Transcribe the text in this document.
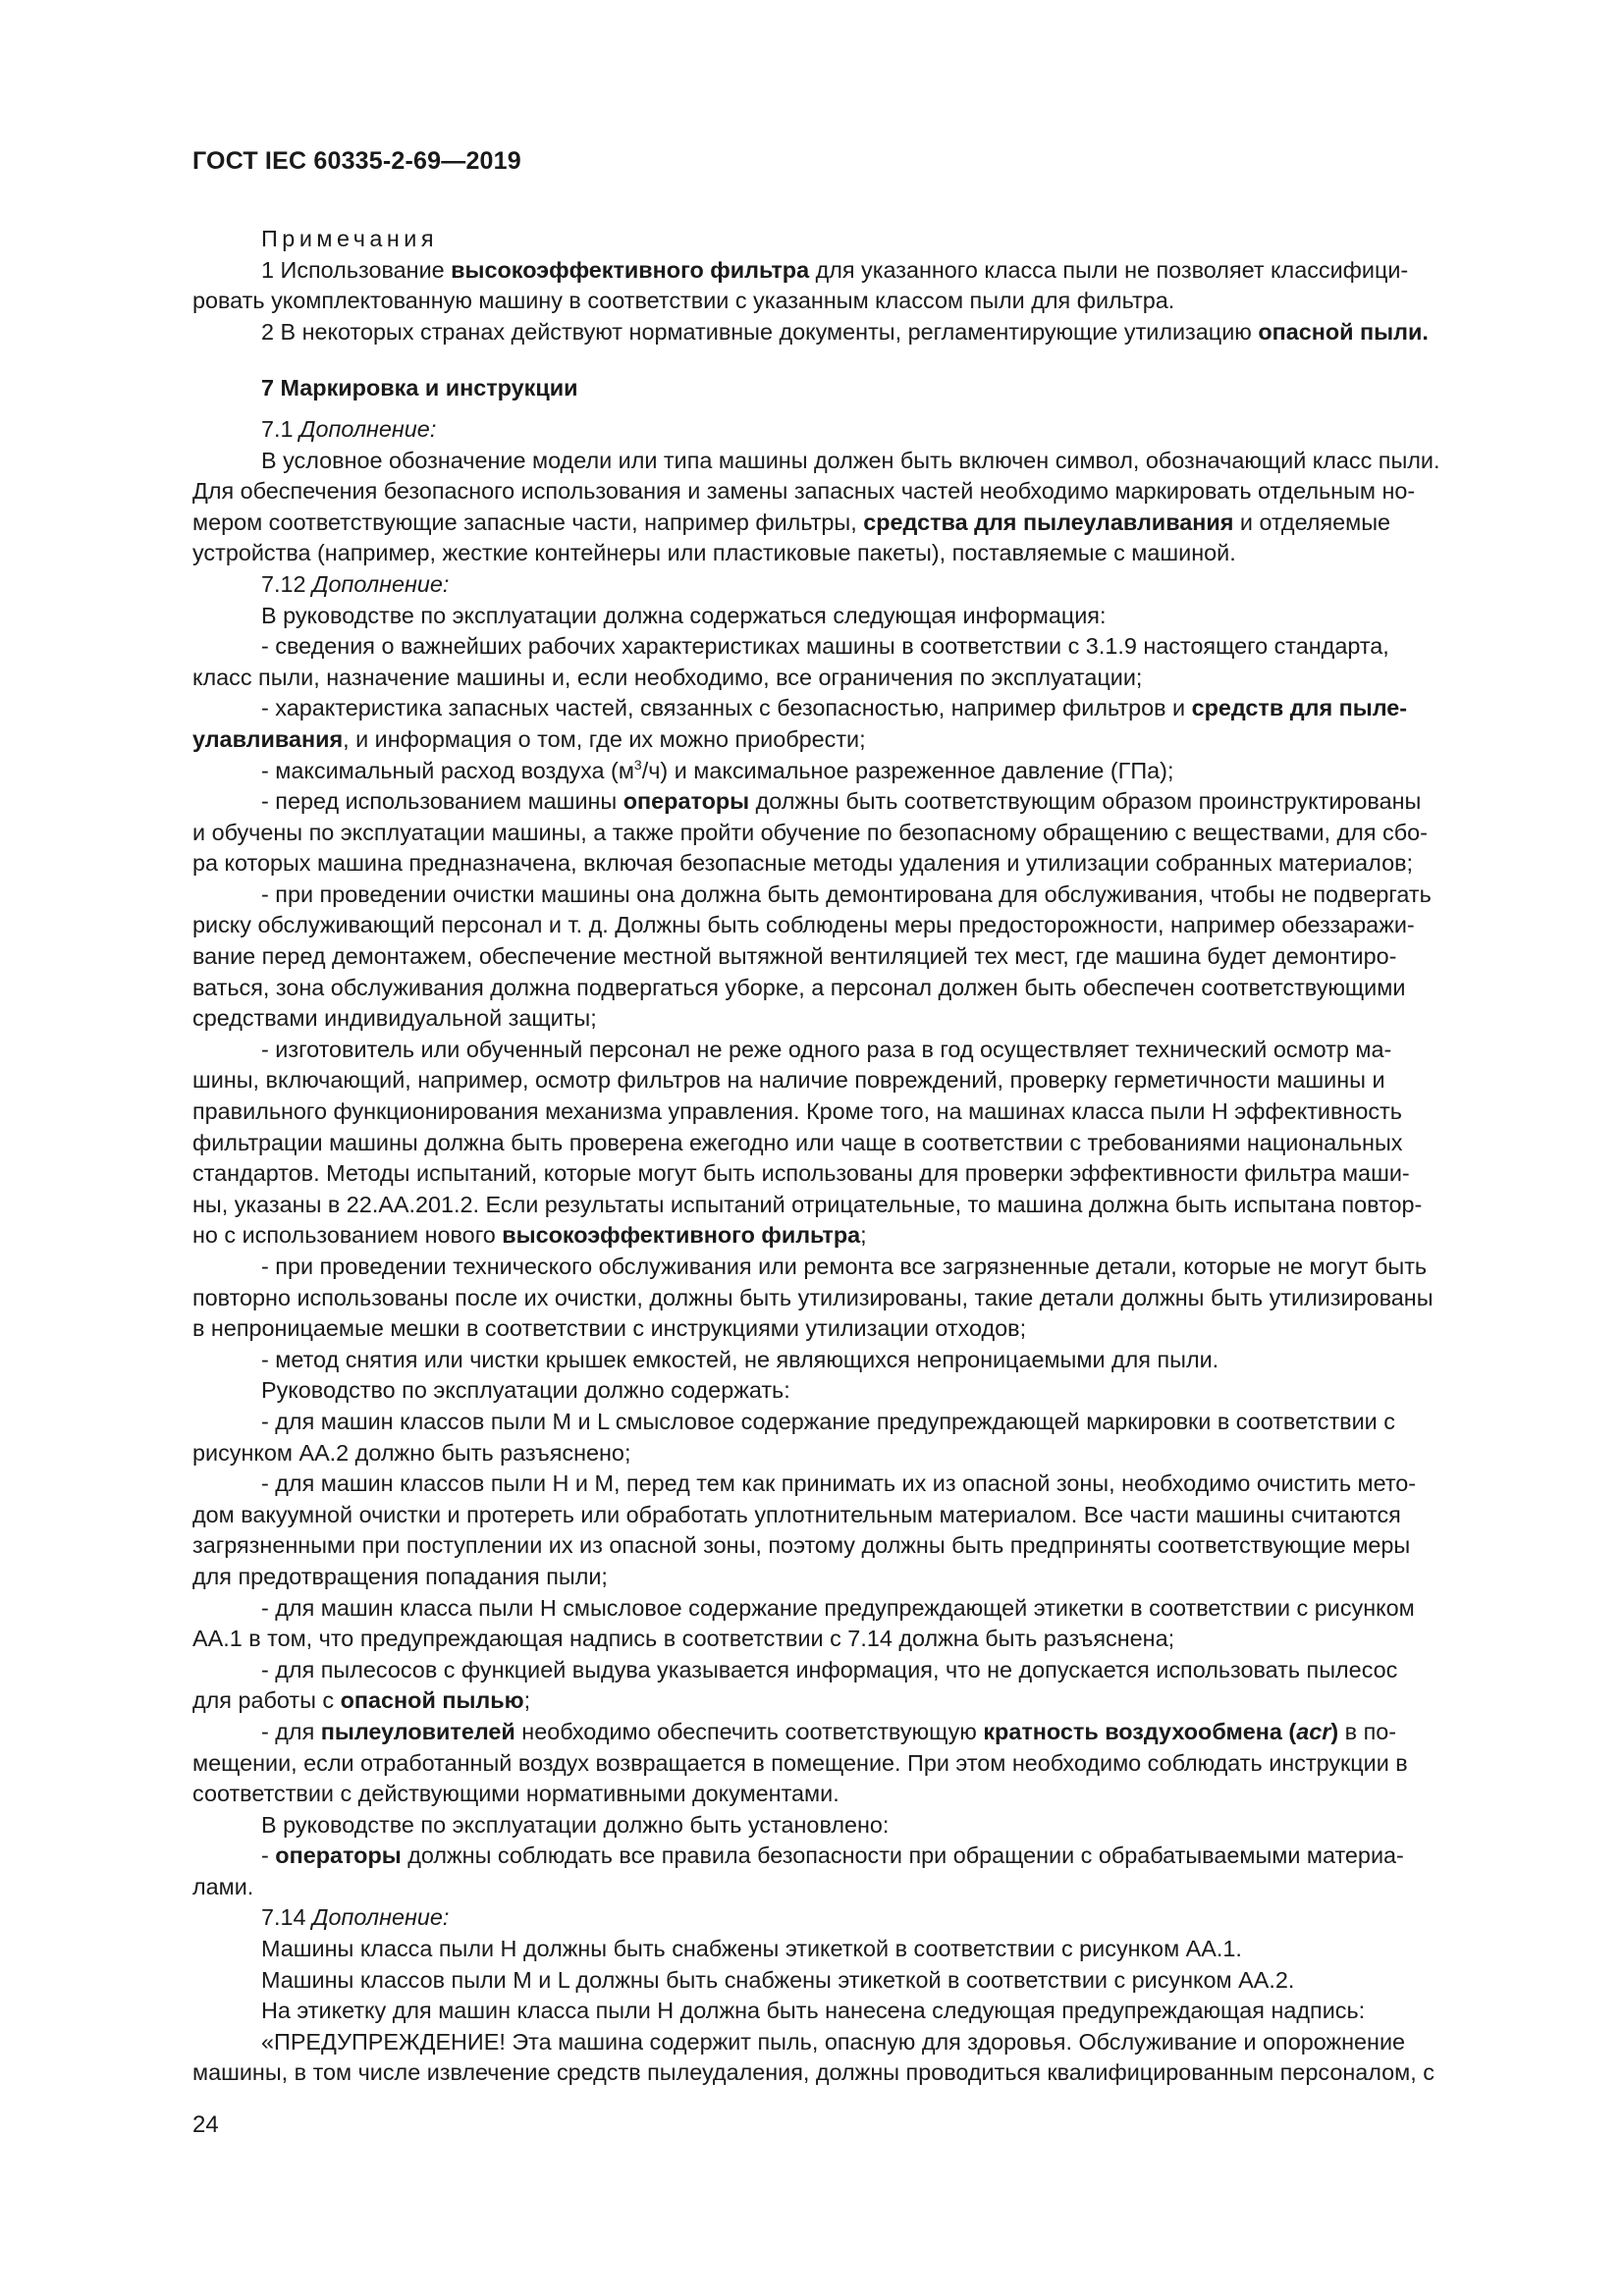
ГОСТ IEC 60335-2-69—2019

Примечания

1 Использование высокоэффективного фильтра для указанного класса пыли не позволяет классифици-
ровать укомплектованную машину в соответствии с указанным классом пыли для фильтра.

2 В некоторых странах действуют нормативные документы, регламентирующие утилизацию опасной пыли.

7 Маркировка и инструкции

7.1 Дополнение:

В условное обозначение модели или типа машины должен быть включен символ, обозначающий класс пыли.
Для обеспечения безопасного использования и замены запасных частей необходимо маркировать отдельным но-
мером соответствующие запасные части, например фильтры, средства для пылеулавливания и отделяемые
устройства (например, жесткие контейнеры или пластиковые пакеты), поставляемые с машиной.

7.12 Дополнение:

В руководстве по эксплуатации должна содержаться следующая информация:

- сведения о важнейших рабочих характеристиках машины в соответствии с 3.1.9 настоящего стандарта,
класс пыли, назначение машины и, если необходимо, все ограничения по эксплуатации;

- характеристика запасных частей, связанных с безопасностью, например фильтров и средств для пыле-
улавливания, и информация о том, где их можно приобрести;

- максимальный расход воздуха $(м^3/ч)$ и максимальное разреженное давление (ГПа);

- перед использованием машины операторы должны быть соответствующим образом проинструктированы
и обучены по эксплуатации машины, а также пройти обучение по безопасному обращению с веществами, для сбо-
ра которых машина предназначена, включая безопасные методы удаления и утилизации собранных материалов;

- при проведении очистки машины она должна быть демонтирована для обслуживания, чтобы не подвергать
риску обслуживающий персонал и т. д. Должны быть соблюдены меры предосторожности, например обеззаражи-
вание перед демонтажем, обеспечение местной вытяжной вентиляцией тех мест, где машина будет демонтиро-
ваться, зона обслуживания должна подвергаться уборке, а персонал должен быть обеспечен соответствующими
средствами индивидуальной защиты;

- изготовитель или обученный персонал не реже одного раза в год осуществляет технический осмотр ма-
шины, включающий, например, осмотр фильтров на наличие повреждений, проверку герметичности машины и
правильного функционирования механизма управления. Кроме того, на машинах класса пыли Н эффективность
фильтрации машины должна быть проверена ежегодно или чаще в соответствии с требованиями национальных
стандартов. Методы испытаний, которые могут быть использованы для проверки эффективности фильтра маши-
ны, указаны в 22.АА.201.2. Если результаты испытаний отрицательные, то машина должна быть испытана повтор-
но с использованием нового высокоэффективного фильтра;

- при проведении технического обслуживания или ремонта все загрязненные детали, которые не могут быть
повторно использованы после их очистки, должны быть утилизированы, такие детали должны быть утилизированы
в непроницаемые мешки в соответствии с инструкциями утилизации отходов;

- метод снятия или чистки крышек емкостей, не являющихся непроницаемыми для пыли.

Руководство по эксплуатации должно содержать:

- для машин классов пыли М и L смысловое содержание предупреждающей маркировки в соответствии с
рисунком АА.2 должно быть разъяснено;

- для машин классов пыли Н и М, перед тем как принимать их из опасной зоны, необходимо очистить мето-
дом вакуумной очистки и протереть или обработать уплотнительным материалом. Все части машины считаются
загрязненными при поступлении их из опасной зоны, поэтому должны быть предприняты соответствующие меры
для предотвращения попадания пыли;

- для машин класса пыли Н смысловое содержание предупреждающей этикетки в соответствии с рисунком
АА.1 в том, что предупреждающая надпись в соответствии с 7.14 должна быть разъяснена;

- для пылесосов с функцией выдува указывается информация, что не допускается использовать пылесос
для работы с опасной пылью;

- для пылеуловителей необходимо обеспечить соответствующую кратность воздухообмена (acr) в по-
мещении, если отработанный воздух возвращается в помещение. При этом необходимо соблюдать инструкции в
соответствии с действующими нормативными документами.

В руководстве по эксплуатации должно быть установлено:

- операторы должны соблюдать все правила безопасности при обращении с обрабатываемыми материа-
лами.

7.14 Дополнение:

Машины класса пыли Н должны быть снабжены этикеткой в соответствии с рисунком АА.1.

Машины классов пыли М и L должны быть снабжены этикеткой в соответствии с рисунком АА.2.

На этикетку для машин класса пыли Н должна быть нанесена следующая предупреждающая надпись:

«ПРЕДУПРЕЖДЕНИЕ! Эта машина содержит пыль, опасную для здоровья. Обслуживание и опорожнение
машины, в том числе извлечение средств пылеудаления, должны проводиться квалифицированным персоналом, с

24
